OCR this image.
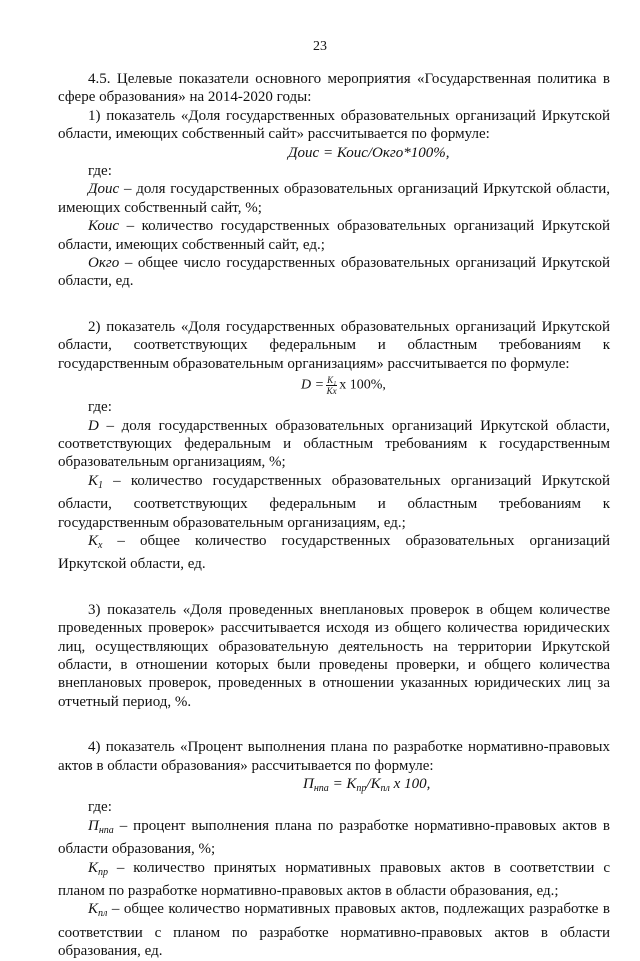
23

4.5. Целевые показатели основного мероприятия «Государственная политика в сфере образования» на 2014-2020 годы:

1) показатель «Доля государственных образовательных организаций Иркутской области, имеющих собственный сайт» рассчитывается по формуле:

Доис = Коис/Окго*100%,

где:

Доис – доля государственных образовательных организаций Иркутской области, имеющих собственный сайт, %;

Коис – количество государственных образовательных организаций Иркутской области, имеющих собственный сайт, ед.;

Окго – общее число государственных образовательных организаций Иркутской области, ед.

2) показатель «Доля государственных образовательных организаций Иркутской

области, соответствующих федеральным и областным требованиям к

государственным образовательным организациям» рассчитывается по формуле:

$D = \frac{\text{K₁}}{Kx}$ x 100%,

где:

D – доля государственных образовательных организаций Иркутской области, соответствующих федеральным и областным требованиям к государственным образовательным организациям, %;

$К_1$ – количество государственных образовательных организаций Иркутской

области, соответствующих федеральным и областным требованиям к

государственным образовательным организациям, ед.;

$К_х$ – общее количество государственных образовательных организаций Иркутской области, ед.

3) показатель «Доля проведенных внеплановых проверок в общем количестве проведенных проверок» рассчитывается исходя из общего количества юридических лиц, осуществляющих образовательную деятельность на территории Иркутской области, в отношении которых были проведены проверки, и общего количества внеплановых проверок, проведенных в отношении указанных юридических лиц за отчетный период, %.

4) показатель «Процент выполнения плана по разработке нормативно-правовых актов в области образования» рассчитывается по формуле:

$П_{нпа} = К_{пр}/К_{пл}$ х 100,

где:

$П_{нпа}$ – процент выполнения плана по разработке нормативно-правовых актов в области образования, %;

$К_{пр}$ – количество принятых нормативных правовых актов в соответствии с планом по разработке нормативно-правовых актов в области образования, ед.;

$К_{пл}$ – общее количество нормативных правовых актов, подлежащих разработке в соответствии с планом по разработке нормативно-правовых актов в области образования, ед.
